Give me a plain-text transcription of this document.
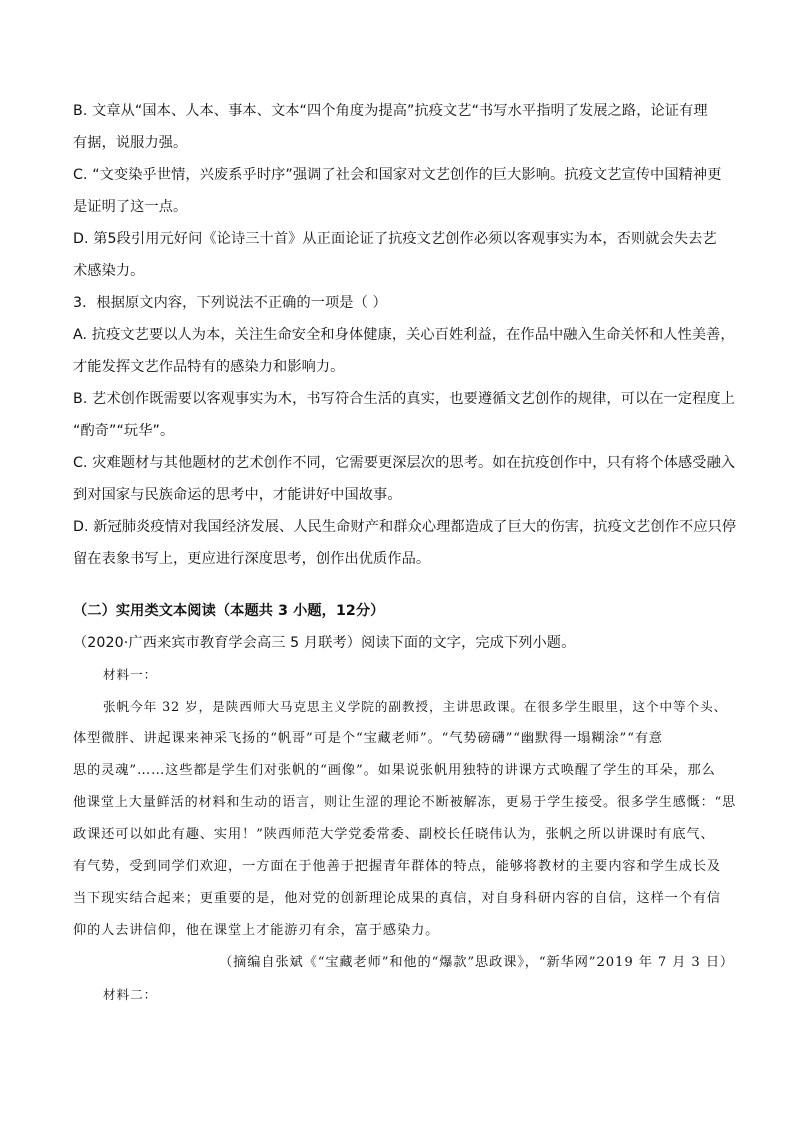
B. 文章从“国本、人本、事本、文本“四个角度为提高”抗疫文艺“书写水平指明了发展之路，论证有理
有据，说服力强。
C. “文变染乎世情，兴废系乎时序”强调了社会和国家对文艺创作的巨大影响。抗疫文艺宣传中国精神更
是证明了这一点。
D. 第5段引用元好问《论诗三十首》从正面论证了抗疫文艺创作必须以客观事实为本，否则就会失去艺
术感染力。
3．根据原文内容，下列说法不正确的一项是（ ）
A. 抗疫文艺要以人为本，关注生命安全和身体健康，关心百姓利益，在作品中融入生命关怀和人性美善，
才能发挥文艺作品特有的感染力和影响力。
B. 艺术创作既需要以客观事实为木，书写符合生活的真实，也要遵循文艺创作的规律，可以在一定程度上
“酌奇”“玩华”。
C. 灾难题材与其他题材的艺术创作不同，它需要更深层次的思考。如在抗疫创作中，只有将个体感受融入
到对国家与民族命运的思考中，才能讲好中国故事。
D. 新冠肺炎疫情对我国经济发展、人民生命财产和群众心理都造成了巨大的伤害，抗疫文艺创作不应只停
留在表象书写上，更应进行深度思考，创作出优质作品。
（二）实用类文本阅读（本题共 3 小题，12分）
（2020·广西来宾市教育学会高三 5 月联考）阅读下面的文字，完成下列小题。
材料一：
张帆今年 32 岁，是陕西师大马克思主义学院的副教授，主讲思政课。在很多学生眼里，这个中等个头、
体型微胖、讲起课来神采飞扬的“帆哥”可是个“宝藏老师”。“气势磅礴”“幽默得一塌糊涂”“有意
思的灵魂”……这些都是学生们对张帆的“画像”。如果说张帆用独特的讲课方式唤醒了学生的耳朵，那么
他课堂上大量鲜活的材料和生动的语言，则让生涩的理论不断被解冻，更易于学生接受。很多学生感慨：“思
政课还可以如此有趣、实用！”陕西师范大学党委常委、副校长任晓伟认为，张帆之所以讲课时有底气、
有气势，受到同学们欢迎，一方面在于他善于把握青年群体的特点，能够将教材的主要内容和学生成长及
当下现实结合起来；更重要的是，他对党的创新理论成果的真信，对自身科研内容的自信，这样一个有信
仰的人去讲信仰，他在课堂上才能游刃有余，富于感染力。
（摘编自张斌《“宝藏老师”和他的“爆款”思政课》，“新华网”2019 年 7 月 3 日）
材料二：
